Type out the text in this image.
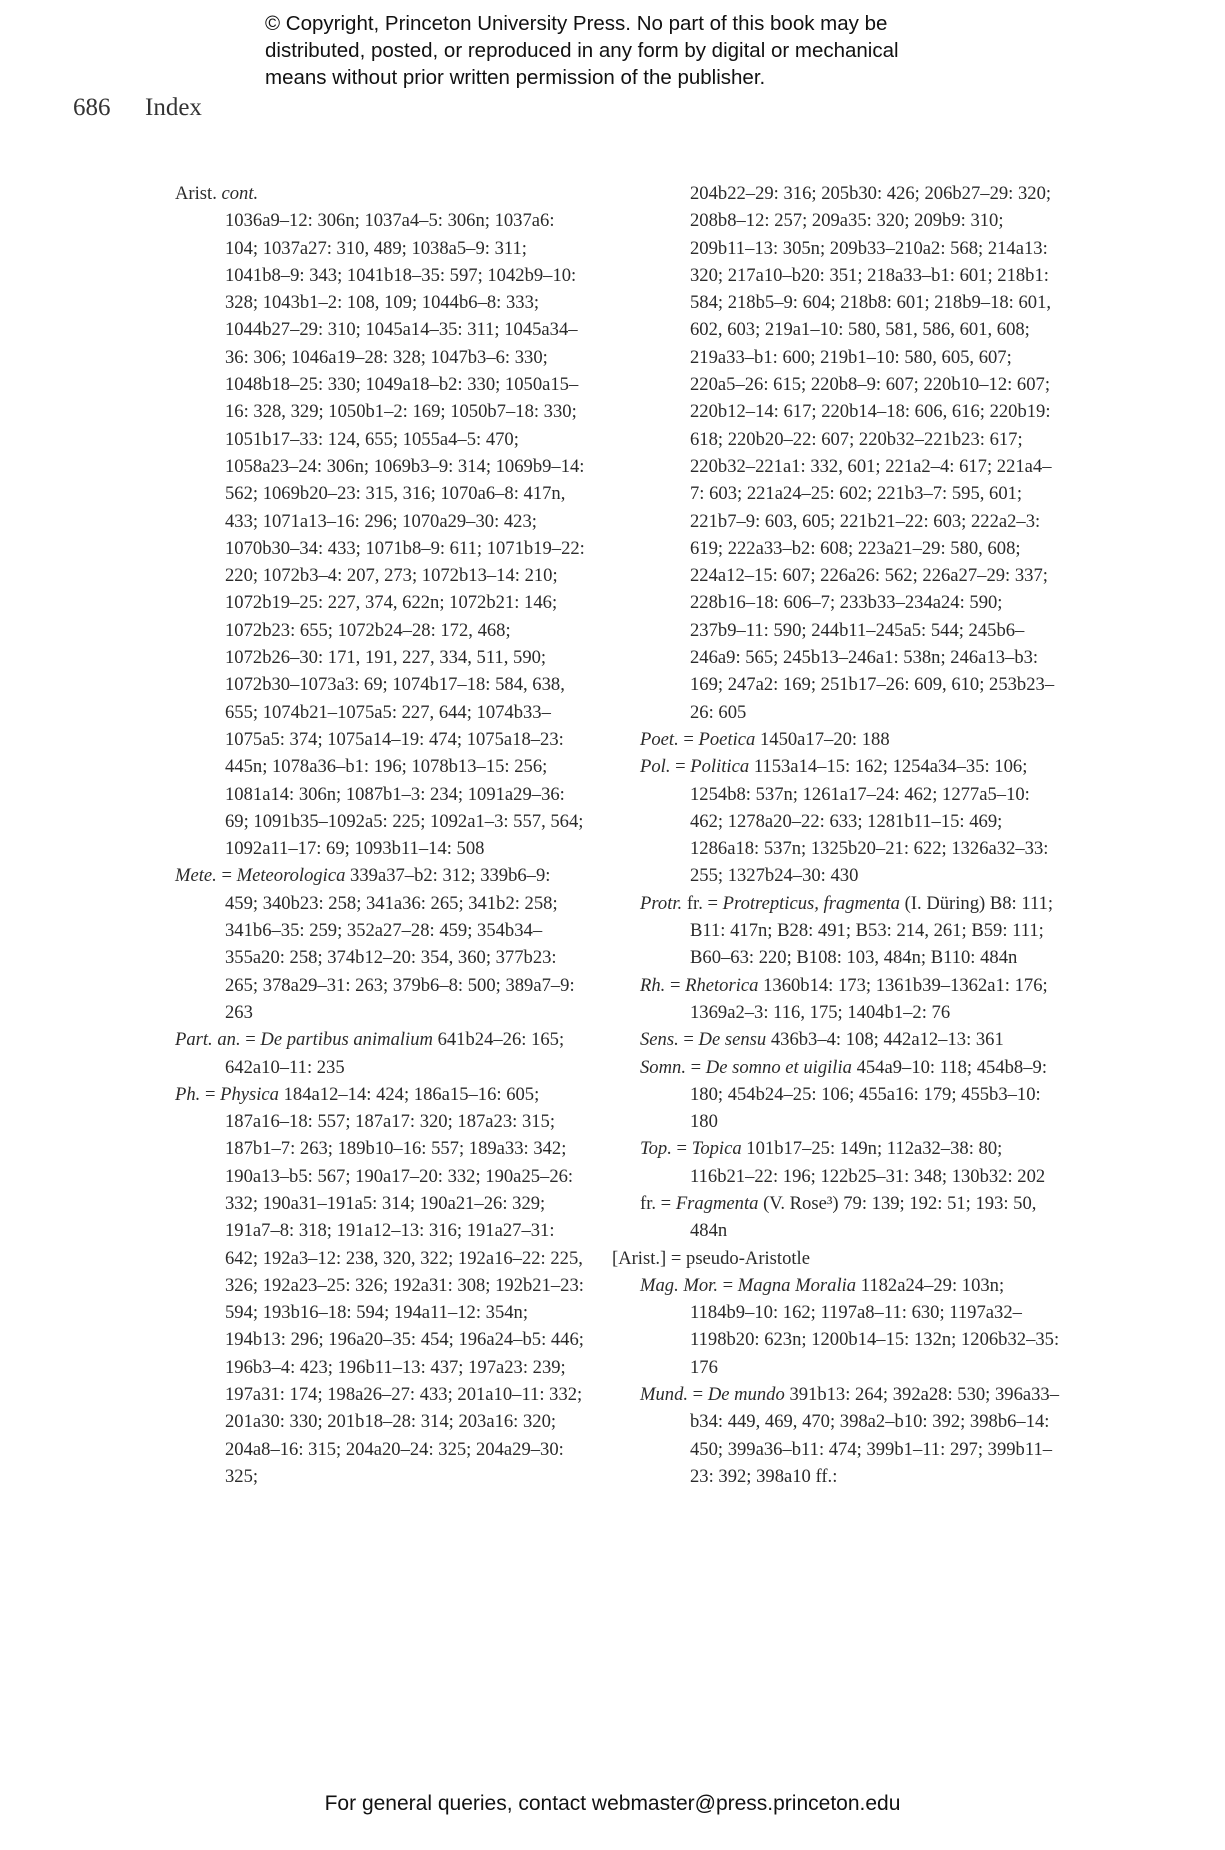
© Copyright, Princeton University Press. No part of this book may be
distributed, posted, or reproduced in any form by digital or mechanical
means without prior written permission of the publisher.
686 Index
Arist. cont.
1036a9–12: 306n; 1037a4–5: 306n; 1037a6: 104; 1037a27: 310, 489; 1038a5–9: 311; 1041b8–9: 343; 1041b18–35: 597; 1042b9–10: 328; 1043b1–2: 108, 109; 1044b6–8: 333; 1044b27–29: 310; 1045a14–35: 311; 1045a34–36: 306; 1046a19–28: 328; 1047b3–6: 330; 1048b18–25: 330; 1049a18–b2: 330; 1050a15–16: 328, 329; 1050b1–2: 169; 1050b7–18: 330; 1051b17–33: 124, 655; 1055a4–5: 470; 1058a23–24: 306n; 1069b3–9: 314; 1069b9–14: 562; 1069b20–23: 315, 316; 1070a6–8: 417n, 433; 1071a13–16: 296; 1070a29–30: 423; 1070b30–34: 433; 1071b8–9: 611; 1071b19–22: 220; 1072b3–4: 207, 273; 1072b13–14: 210; 1072b19–25: 227, 374, 622n; 1072b21: 146; 1072b23: 655; 1072b24–28: 172, 468; 1072b26–30: 171, 191, 227, 334, 511, 590; 1072b30–1073a3: 69; 1074b17–18: 584, 638, 655; 1074b21–1075a5: 227, 644; 1074b33–1075a5: 374; 1075a14–19: 474; 1075a18–23: 445n; 1078a36–b1: 196; 1078b13–15: 256; 1081a14: 306n; 1087b1–3: 234; 1091a29–36: 69; 1091b35–1092a5: 225; 1092a1–3: 557, 564; 1092a11–17: 69; 1093b11–14: 508
Mete. = Meteorologica 339a37–b2: 312; 339b6–9: 459; 340b23: 258; 341a36: 265; 341b2: 258; 341b6–35: 259; 352a27–28: 459; 354b34–355a20: 258; 374b12–20: 354, 360; 377b23: 265; 378a29–31: 263; 379b6–8: 500; 389a7–9: 263
Part. an. = De partibus animalium 641b24–26: 165; 642a10–11: 235
Ph. = Physica 184a12–14: 424; 186a15–16: 605; 187a16–18: 557; 187a17: 320; 187a23: 315; 187b1–7: 263; 189b10–16: 557; 189a33: 342; 190a13–b5: 567; 190a17–20: 332; 190a25–26: 332; 190a31–191a5: 314; 190a21–26: 329; 191a7–8: 318; 191a12–13: 316; 191a27–31: 642; 192a3–12: 238, 320, 322; 192a16–22: 225, 326; 192a23–25: 326; 192a31: 308; 192b21–23: 594; 193b16–18: 594; 194a11–12: 354n; 194b13: 296; 196a20–35: 454; 196a24–b5: 446; 196b3–4: 423; 196b11–13: 437; 197a23: 239; 197a31: 174; 198a26–27: 433; 201a10–11: 332; 201a30: 330; 201b18–28: 314; 203a16: 320; 204a8–16: 315; 204a20–24: 325; 204a29–30: 325;
204b22–29: 316; 205b30: 426; 206b27–29: 320; 208b8–12: 257; 209a35: 320; 209b9: 310; 209b11–13: 305n; 209b33–210a2: 568; 214a13: 320; 217a10–b20: 351; 218a33–b1: 601; 218b1: 584; 218b5–9: 604; 218b8: 601; 218b9–18: 601, 602, 603; 219a1–10: 580, 581, 586, 601, 608; 219a33–b1: 600; 219b1–10: 580, 605, 607; 220a5–26: 615; 220b8–9: 607; 220b10–12: 607; 220b12–14: 617; 220b14–18: 606, 616; 220b19: 618; 220b20–22: 607; 220b32–221b23: 617; 220b32–221a1: 332, 601; 221a2–4: 617; 221a4–7: 603; 221a24–25: 602; 221b3–7: 595, 601; 221b7–9: 603, 605; 221b21–22: 603; 222a2–3: 619; 222a33–b2: 608; 223a21–29: 580, 608; 224a12–15: 607; 226a26: 562; 226a27–29: 337; 228b16–18: 606–7; 233b33–234a24: 590; 237b9–11: 590; 244b11–245a5: 544; 245b6–246a9: 565; 245b13–246a1: 538n; 246a13–b3: 169; 247a2: 169; 251b17–26: 609, 610; 253b23–26: 605
Poet. = Poetica 1450a17–20: 188
Pol. = Politica 1153a14–15: 162; 1254a34–35: 106; 1254b8: 537n; 1261a17–24: 462; 1277a5–10: 462; 1278a20–22: 633; 1281b11–15: 469; 1286a18: 537n; 1325b20–21: 622; 1326a32–33: 255; 1327b24–30: 430
Protr. fr. = Protrepticus, fragmenta (I. Düring) B8: 111; B11: 417n; B28: 491; B53: 214, 261; B59: 111; B60–63: 220; B108: 103, 484n; B110: 484n
Rh. = Rhetorica 1360b14: 173; 1361b39–1362a1: 176; 1369a2–3: 116, 175; 1404b1–2: 76
Sens. = De sensu 436b3–4: 108; 442a12–13: 361
Somn. = De somno et uigilia 454a9–10: 118; 454b8–9: 180; 454b24–25: 106; 455a16: 179; 455b3–10: 180
Top. = Topica 101b17–25: 149n; 112a32–38: 80; 116b21–22: 196; 122b25–31: 348; 130b32: 202
fr. = Fragmenta (V. Rose³) 79: 139; 192: 51; 193: 50, 484n
[Arist.] = pseudo-Aristotle
Mag. Mor. = Magna Moralia 1182a24–29: 103n; 1184b9–10: 162; 1197a8–11: 630; 1197a32–1198b20: 623n; 1200b14–15: 132n; 1206b32–35: 176
Mund. = De mundo 391b13: 264; 392a28: 530; 396a33–b34: 449, 469, 470; 398a2–b10: 392; 398b6–14: 450; 399a36–b11: 474; 399b1–11: 297; 399b11–23: 392; 398a10 ff.:
For general queries, contact webmaster@press.princeton.edu
